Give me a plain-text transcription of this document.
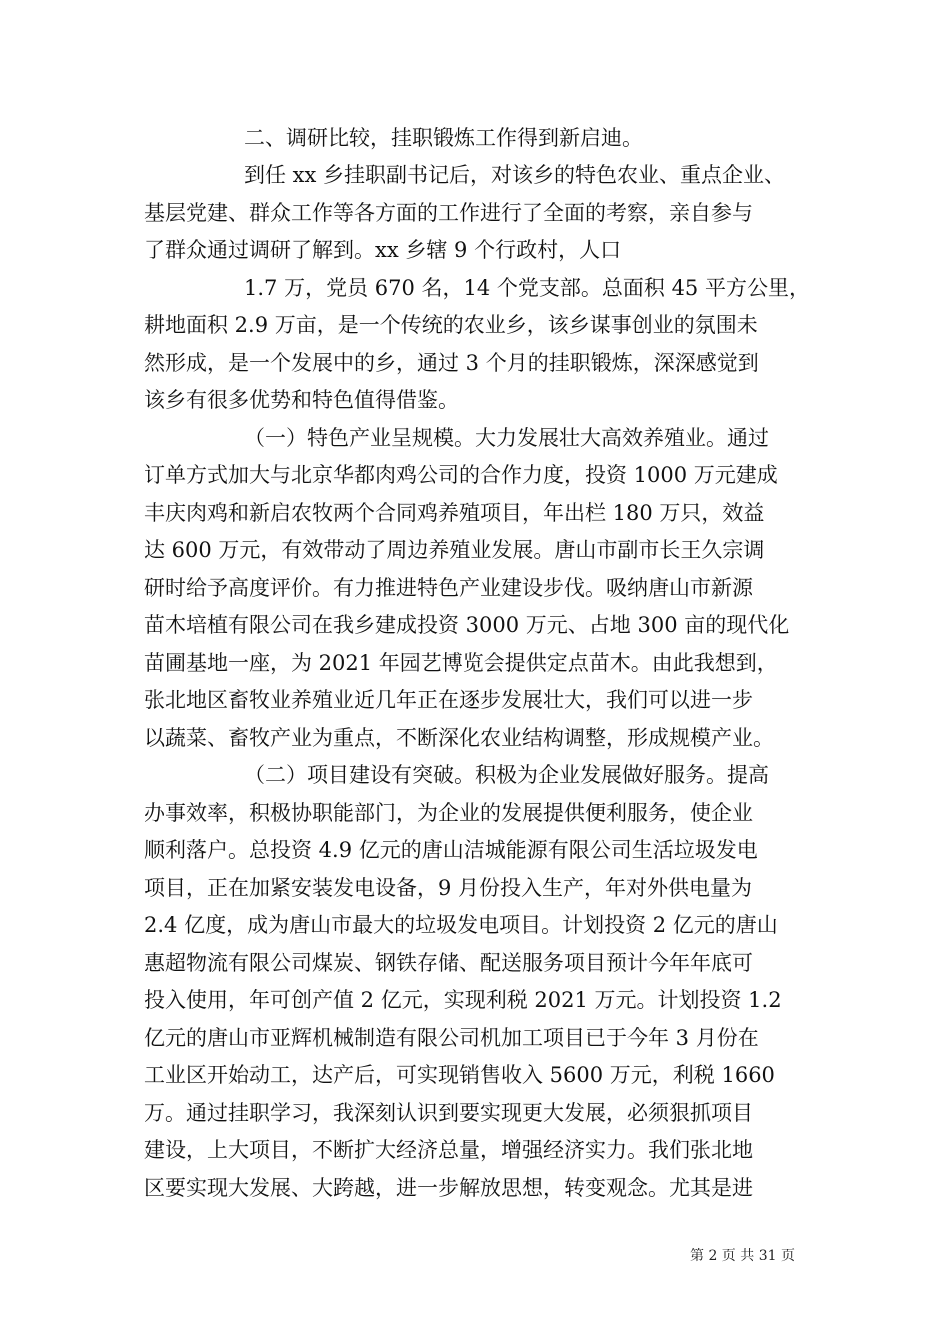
二、调研比较，挂职锻炼工作得到新启迪。
到任 xx 乡挂职副书记后，对该乡的特色农业、重点企业、
基层党建、群众工作等各方面的工作进行了全面的考察，亲自参与
了群众通过调研了解到。xx 乡辖 9 个行政村，人口
1.7 万，党员 670 名，14 个党支部。总面积 45 平方公里，
耕地面积 2.9 万亩，是一个传统的农业乡，该乡谋事创业的氛围未
然形成，是一个发展中的乡，通过 3 个月的挂职锻炼，深深感觉到
该乡有很多优势和特色值得借鉴。
（一）特色产业呈规模。大力发展壮大高效养殖业。通过
订单方式加大与北京华都肉鸡公司的合作力度，投资 1000 万元建成
丰庆肉鸡和新启农牧两个合同鸡养殖项目，年出栏 180 万只，效益
达 600 万元，有效带动了周边养殖业发展。唐山市副市长王久宗调
研时给予高度评价。有力推进特色产业建设步伐。吸纳唐山市新源
苗木培植有限公司在我乡建成投资 3000 万元、占地 300 亩的现代化
苗圃基地一座，为 2021 年园艺博览会提供定点苗木。由此我想到，
张北地区畜牧业养殖业近几年正在逐步发展壮大，我们可以进一步
以蔬菜、畜牧产业为重点，不断深化农业结构调整，形成规模产业。
（二）项目建设有突破。积极为企业发展做好服务。提高
办事效率，积极协职能部门，为企业的发展提供便利服务，使企业
顺利落户。总投资 4.9 亿元的唐山洁城能源有限公司生活垃圾发电
项目，正在加紧安装发电设备，9 月份投入生产，年对外供电量为
2.4 亿度，成为唐山市最大的垃圾发电项目。计划投资 2 亿元的唐山
惠超物流有限公司煤炭、钢铁存储、配送服务项目预计今年年底可
投入使用，年可创产值 2 亿元，实现利税 2021 万元。计划投资 1.2
亿元的唐山市亚辉机械制造有限公司机加工项目已于今年 3 月份在
工业区开始动工，达产后，可实现销售收入 5600 万元，利税 1660
万。通过挂职学习，我深刻认识到要实现更大发展，必须狠抓项目
建设，上大项目，不断扩大经济总量，增强经济实力。我们张北地
区要实现大发展、大跨越，进一步解放思想，转变观念。尤其是进
第 2 页 共 31 页
